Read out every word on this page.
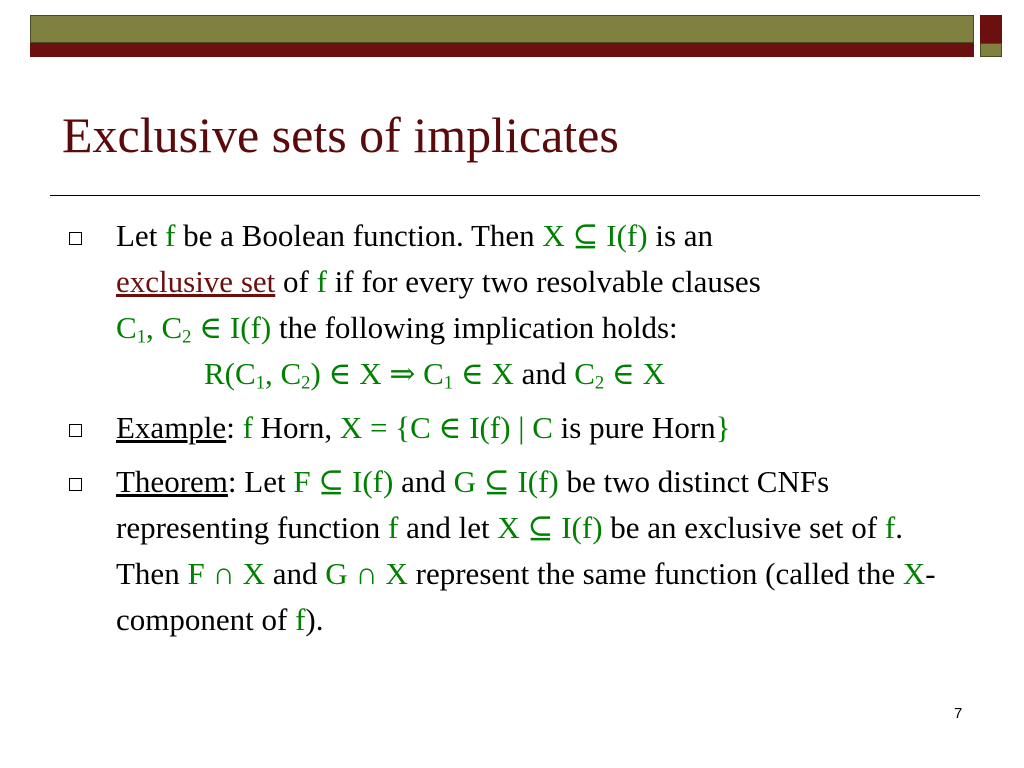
Exclusive sets of implicates
Let f be a Boolean function. Then X ⊆ I(f) is an
exclusive set of f if for every two resolvable clauses
$C_1$, $C_2$ ∈ I(f) the following implication holds:
$R(C_1$, $C_2$) ∈ X ⇒ $C_1$ ∈ X and $C_2$ ∈ X
Example: f Horn, X = {C ∈ I(f) | C is pure Horn}
Theorem: Let F ⊆ I(f) and G ⊆ I(f) be two distinct CNFs representing function f and let X ⊆ I(f) be an exclusive set of f. Then F ∩ X and G ∩ X represent the same function (called the X-component of f).
7
